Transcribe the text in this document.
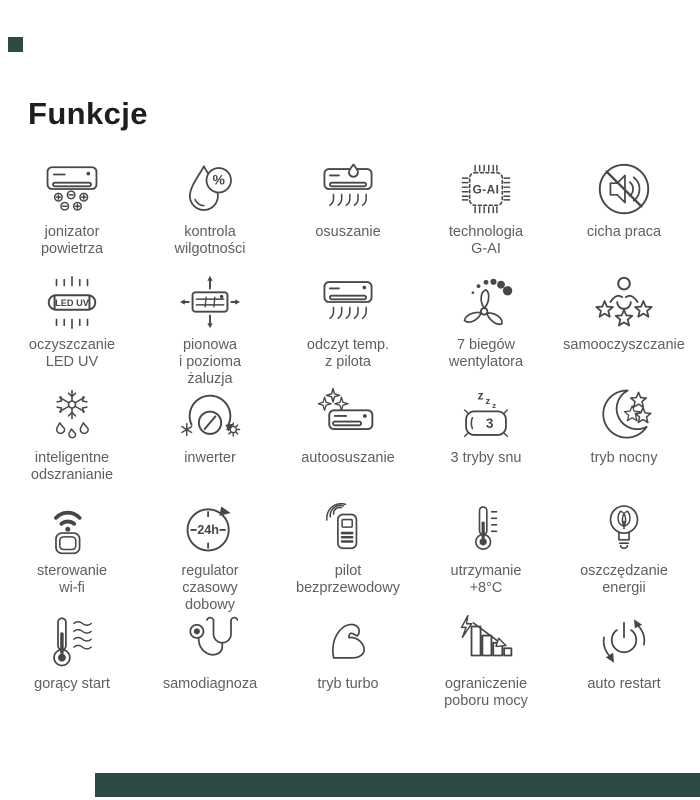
Funkcje
jonizator
powietrza
%
kontrola
wilgotności
osuszanie
G-AI
technologia
G-AI
cicha praca
LED UV
oczyszczanie
LED UV
pionowa
i pozioma
żaluzja
odczyt temp.
z pilota
7 biegów
wentylatora
samooczyszczanie
inteligentne
odszranianie
inwerter	autoosuszanie
z z z
3
3 tryby snu	tryb nocny
sterowanie
wi-fi
24h
regulator
czasowy
dobowy
pilot
bezprzewodowy
utrzymanie
+8°C
oszczędzanie
energii
gorący start	samodiagnoza	tryb turbo	ograniczenie
poboru mocy
auto restart
